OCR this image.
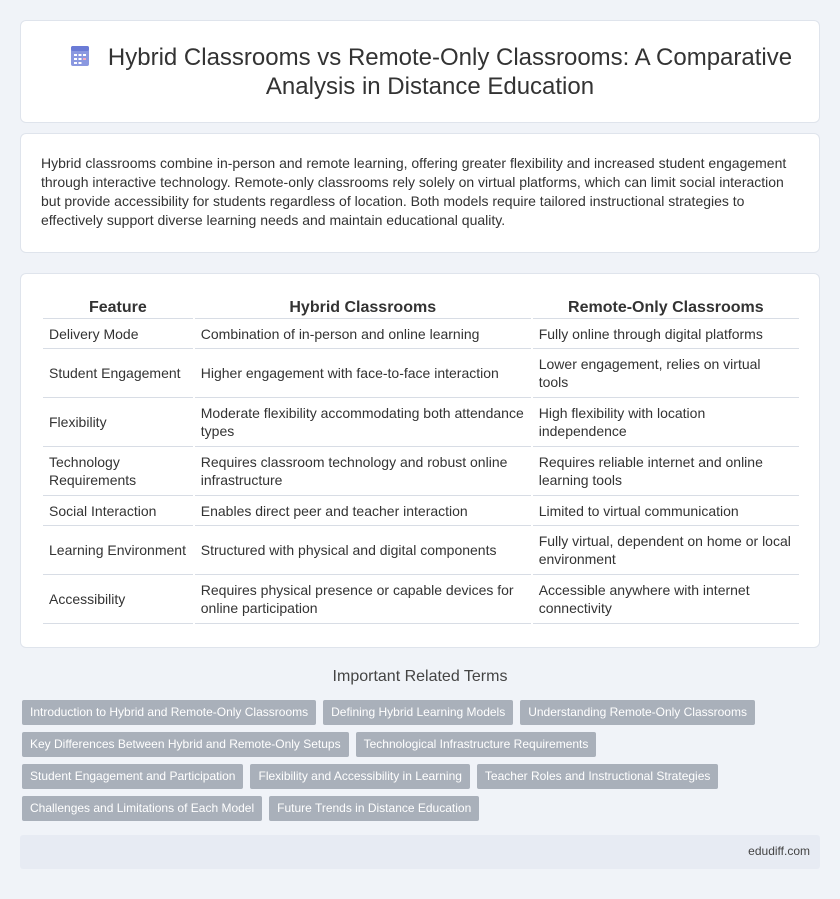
Hybrid Classrooms vs Remote-Only Classrooms: A Comparative Analysis in Distance Education

Hybrid classrooms combine in-person and remote learning, offering greater flexibility and increased student engagement through interactive technology. Remote-only classrooms rely solely on virtual platforms, which can limit social interaction but provide accessibility for students regardless of location. Both models require tailored instructional strategies to effectively support diverse learning needs and maintain educational quality.

Feature	Hybrid Classrooms	Remote-Only Classrooms
Delivery Mode	Combination of in-person and online learning	Fully online through digital platforms
Student Engagement	Higher engagement with face-to-face interaction	Lower engagement, relies on virtual tools
Flexibility	Moderate flexibility accommodating both attendance types	High flexibility with location independence
Technology Requirements	Requires classroom technology and robust online infrastructure	Requires reliable internet and online learning tools
Social Interaction	Enables direct peer and teacher interaction	Limited to virtual communication
Learning Environment	Structured with physical and digital components	Fully virtual, dependent on home or local environment
Accessibility	Requires physical presence or capable devices for online participation	Accessible anywhere with internet connectivity
Important Related Terms
Introduction to Hybrid and Remote-Only Classrooms	Defining Hybrid Learning Models	Understanding Remote-Only Classrooms
Key Differences Between Hybrid and Remote-Only Setups	Technological Infrastructure Requirements
Student Engagement and Participation	Flexibility and Accessibility in Learning	Teacher Roles and Instructional Strategies
Challenges and Limitations of Each Model	Future Trends in Distance Education
edudiff.com
